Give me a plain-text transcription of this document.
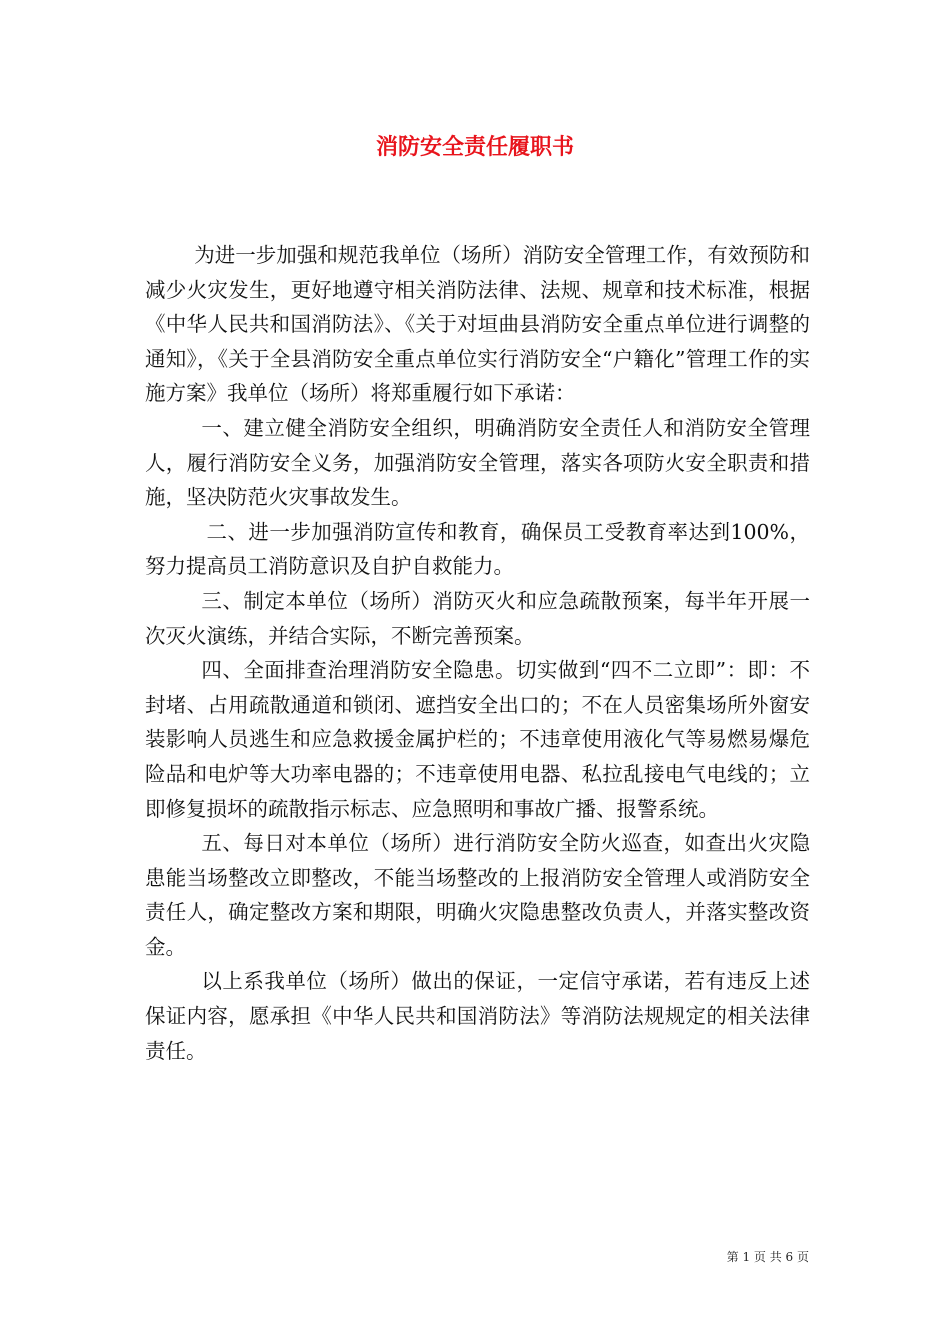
消防安全责任履职书

为进一步加强和规范我单位（场所）消防安全管理工作，有效预防和减少火灾发生，更好地遵守相关消防法律、法规、规章和技术标准，根据《中华人民共和国消防法》、《关于对垣曲县消防安全重点单位进行调整的通知》，《关于全县消防安全重点单位实行消防安全“户籍化”管理工作的实施方案》我单位（场所）将郑重履行如下承诺：

一、建立健全消防安全组织，明确消防安全责任人和消防安全管理人，履行消防安全义务，加强消防安全管理，落实各项防火安全职责和措施，坚决防范火灾事故发生。

二、进一步加强消防宣传和教育，确保员工受教育率达到100%，努力提高员工消防意识及自护自救能力。

三、制定本单位（场所）消防灭火和应急疏散预案，每半年开展一次灭火演练，并结合实际，不断完善预案。

四、全面排查治理消防安全隐患。切实做到“四不二立即”：即：不封堵、占用疏散通道和锁闭、遮挡安全出口的；不在人员密集场所外窗安装影响人员逃生和应急救援金属护栏的；不违章使用液化气等易燃易爆危险品和电炉等大功率电器的；不违章使用电器、私拉乱接电气电线的；立即修复损坏的疏散指示标志、应急照明和事故广播、报警系统。

五、每日对本单位（场所）进行消防安全防火巡查，如查出火灾隐患能当场整改立即整改，不能当场整改的上报消防安全管理人或消防安全责任人，确定整改方案和期限，明确火灾隐患整改负责人，并落实整改资金。

以上系我单位（场所）做出的保证，一定信守承诺，若有违反上述保证内容，愿承担《中华人民共和国消防法》等消防法规规定的相关法律责任。

第 1 页 共 6 页
